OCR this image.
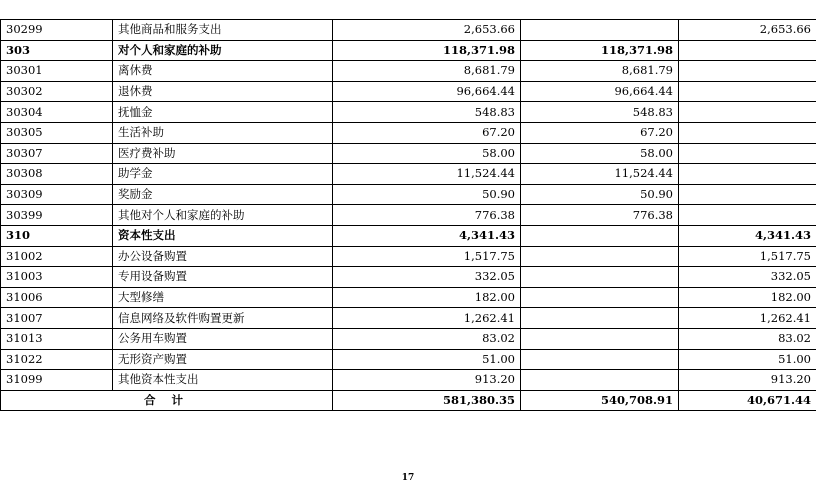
30299	其他商品和服务支出	2,653.66		2,653.66
303	对个人和家庭的补助	118,371.98	118,371.98	
30301	离休费	8,681.79	8,681.79	
30302	退休费	96,664.44	96,664.44	
30304	抚恤金	548.83	548.83	
30305	生活补助	67.20	67.20	
30307	医疗费补助	58.00	58.00	
30308	助学金	11,524.44	11,524.44	
30309	奖励金	50.90	50.90	
30399	其他对个人和家庭的补助	776.38	776.38	
310	资本性支出	4,341.43		4,341.43
31002	办公设备购置	1,517.75		1,517.75
31003	专用设备购置	332.05		332.05
31006	大型修缮	182.00		182.00
31007	信息网络及软件购置更新	1,262.41		1,262.41
31013	公务用车购置	83.02		83.02
31022	无形资产购置	51.00		51.00
31099	其他资本性支出	913.20		913.20
合 计		581,380.35	540,708.91	40,671.44
17
